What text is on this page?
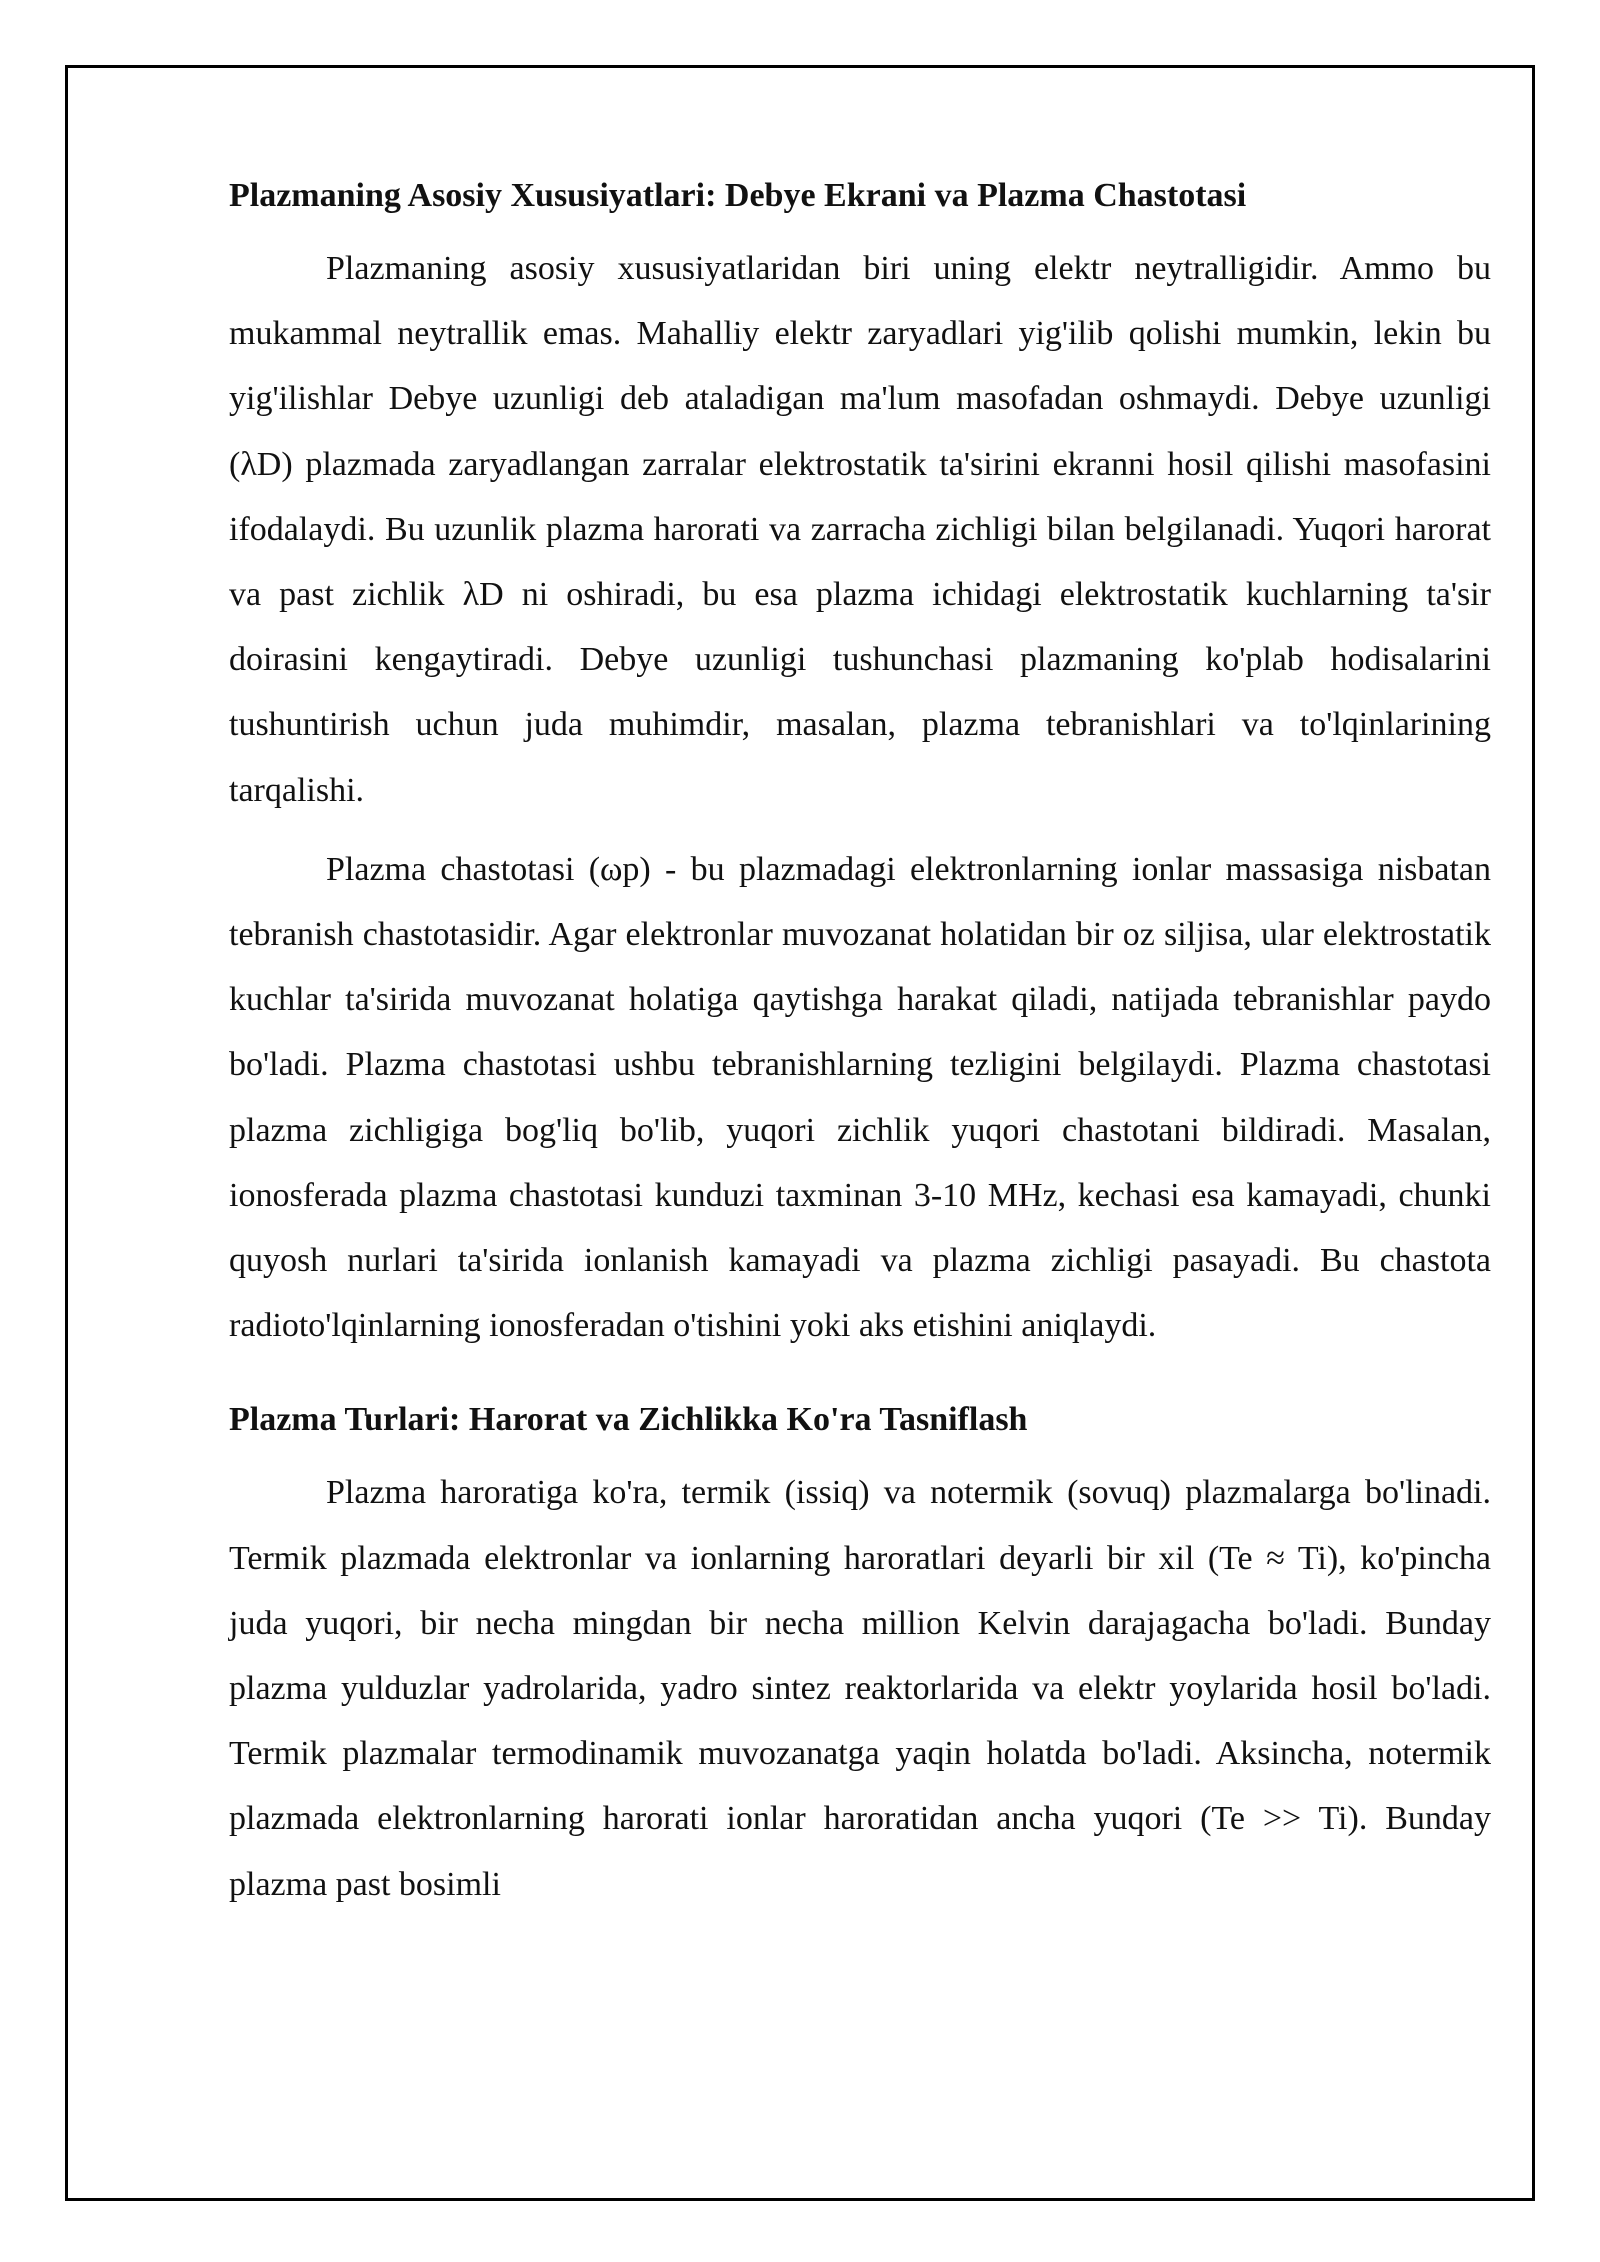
Plazmaning Asosiy Xususiyatlari: Debye Ekrani va Plazma Chastotasi

Plazmaning asosiy xususiyatlaridan biri uning elektr neytralligidir. Ammo bu mukammal neytrallik emas. Mahalliy elektr zaryadlari yig'ilib qolishi mumkin, lekin bu yig'ilishlar Debye uzunligi deb ataladigan ma'lum masofadan oshmaydi. Debye uzunligi (λD) plazmada zaryadlangan zarralar elektrostatik ta'sirini ekranni hosil qilishi masofasini ifodalaydi. Bu uzunlik plazma harorati va zarracha zichligi bilan belgilanadi. Yuqori harorat va past zichlik λD ni oshiradi, bu esa plazma ichidagi elektrostatik kuchlarning ta'sir doirasini kengaytiradi. Debye uzunligi tushunchasi plazmaning ko'plab hodisalarini tushuntirish uchun juda muhimdir, masalan, plazma tebranishlari va to'lqinlarining tarqalishi.

Plazma chastotasi (ωp) - bu plazmadagi elektronlarning ionlar massasiga nisbatan tebranish chastotasidir. Agar elektronlar muvozanat holatidan bir oz siljisa, ular elektrostatik kuchlar ta'sirida muvozanat holatiga qaytishga harakat qiladi, natijada tebranishlar paydo bo'ladi. Plazma chastotasi ushbu tebranishlarning tezligini belgilaydi. Plazma chastotasi plazma zichligiga bog'liq bo'lib, yuqori zichlik yuqori chastotani bildiradi. Masalan, ionosferada plazma chastotasi kunduzi taxminan 3-10 MHz, kechasi esa kamayadi, chunki quyosh nurlari ta'sirida ionlanish kamayadi va plazma zichligi pasayadi. Bu chastota radioto'lqinlarning ionosferadan o'tishini yoki aks etishini aniqlaydi.

Plazma Turlari: Harorat va Zichlikka Ko'ra Tasniflash

Plazma haroratiga ko'ra, termik (issiq) va notermik (sovuq) plazmalarga bo'linadi. Termik plazmada elektronlar va ionlarning haroratlari deyarli bir xil (Te ≈ Ti), ko'pincha juda yuqori, bir necha mingdan bir necha million Kelvin darajagacha bo'ladi. Bunday plazma yulduzlar yadrolarida, yadro sintez reaktorlarida va elektr yoylarida hosil bo'ladi. Termik plazmalar termodinamik muvozanatga yaqin holatda bo'ladi. Aksincha, notermik plazmada elektronlarning harorati ionlar haroratidan ancha yuqori (Te >> Ti). Bunday plazma past bosimli
